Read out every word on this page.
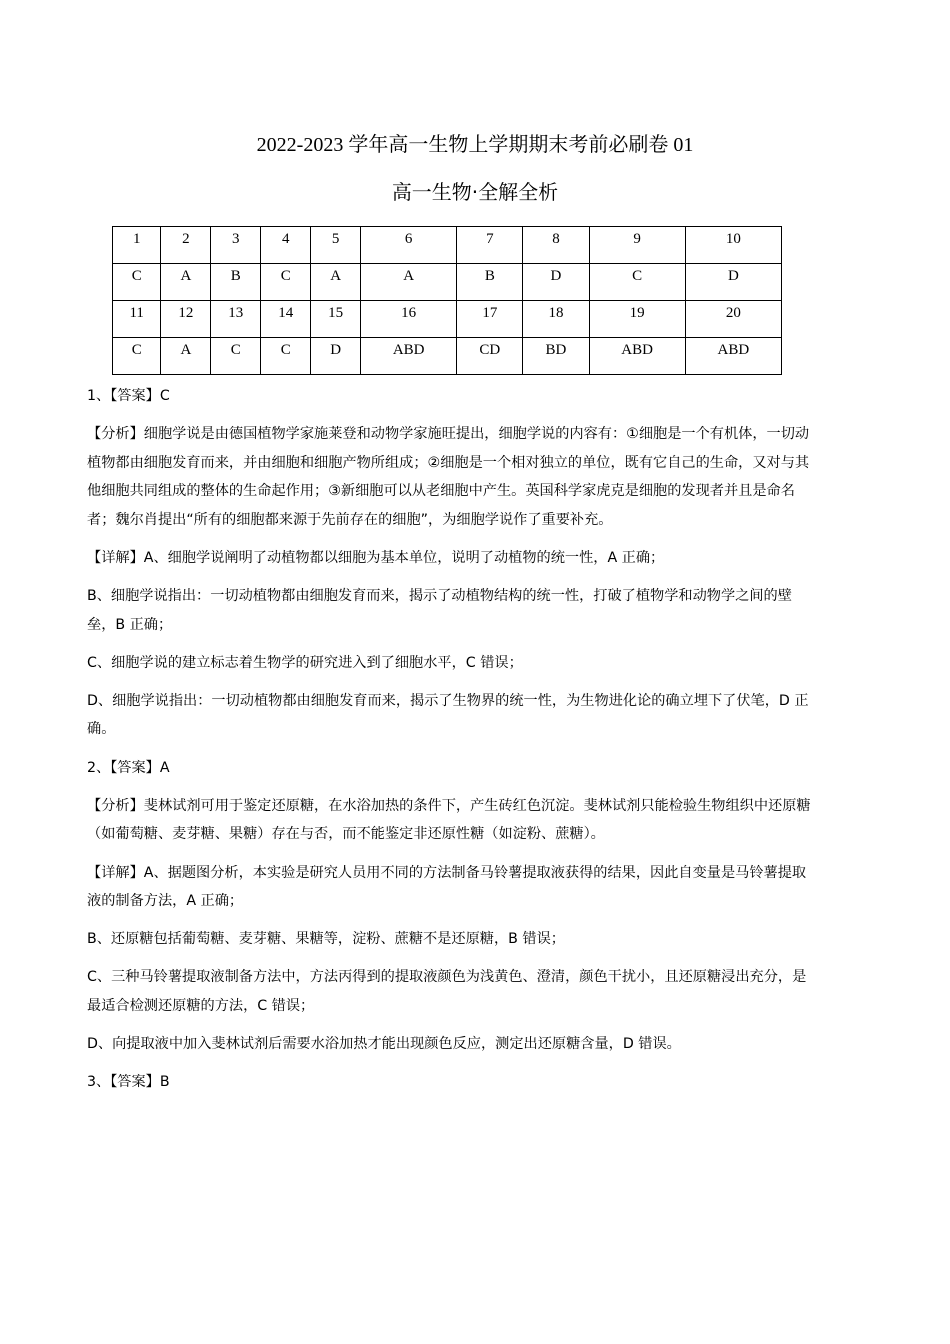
2022-2023 学年高一生物上学期期末考前必刷卷 01
高一生物·全解全析
1	2	3	4	5	6	7	8	9	10
C	A	B	C	A	A	B	D	C	D
11	12	13	14	15	16	17	18	19	20
C	A	C	C	D	ABD	CD	BD	ABD	ABD

1、【答案】C

【分析】细胞学说是由德国植物学家施莱登和动物学家施旺提出，细胞学说的内容有：①细胞是一个有机体，一切动植物都由细胞发育而来，并由细胞和细胞产物所组成；②细胞是一个相对独立的单位，既有它自己的生命，又对与其他细胞共同组成的整体的生命起作用；③新细胞可以从老细胞中产生。英国科学家虎克是细胞的发现者并且是命名者；魏尔肖提出“所有的细胞都来源于先前存在的细胞”，为细胞学说作了重要补充。

【详解】A、细胞学说阐明了动植物都以细胞为基本单位，说明了动植物的统一性，A 正确；

B、细胞学说指出：一切动植物都由细胞发育而来，揭示了动植物结构的统一性，打破了植物学和动物学之间的壁垒，B 正确；

C、细胞学说的建立标志着生物学的研究进入到了细胞水平，C 错误；

D、细胞学说指出：一切动植物都由细胞发育而来，揭示了生物界的统一性，为生物进化论的确立埋下了伏笔，D 正确。

2、【答案】A

【分析】斐林试剂可用于鉴定还原糖，在水浴加热的条件下，产生砖红色沉淀。斐林试剂只能检验生物组织中还原糖（如葡萄糖、麦芽糖、果糖）存在与否，而不能鉴定非还原性糖（如淀粉、蔗糖）。

【详解】A、据题图分析，本实验是研究人员用不同的方法制备马铃薯提取液获得的结果，因此自变量是马铃薯提取液的制备方法，A 正确；

B、还原糖包括葡萄糖、麦芽糖、果糖等，淀粉、蔗糖不是还原糖，B 错误；

C、三种马铃薯提取液制备方法中，方法丙得到的提取液颜色为浅黄色、澄清，颜色干扰小，且还原糖浸出充分，是最适合检测还原糖的方法，C 错误；

D、向提取液中加入斐林试剂后需要水浴加热才能出现颜色反应，测定出还原糖含量，D 错误。

3、【答案】B
